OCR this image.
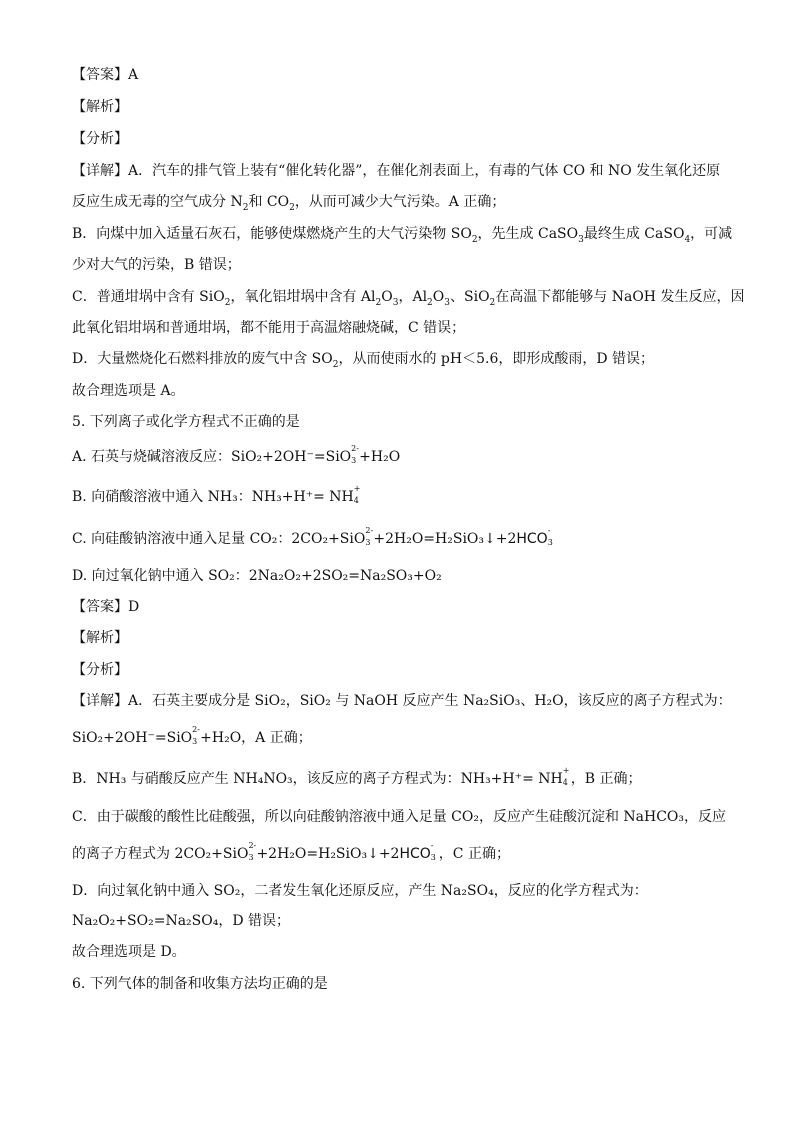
【答案】A
【解析】
【分析】
【详解】A．汽车的排气管上装有“催化转化器”，在催化剂表面上，有毒的气体 CO 和 NO 发生氧化还原
反应生成无毒的空气成分 $N_2$和 $CO_2$，从而可减少大气污染。A 正确；
B．向煤中加入适量石灰石，能够使煤燃烧产生的大气污染物 $SO_2$，先生成 CaSO$_3$最终生成 CaSO$_4$，可减
少对大气的污染，B 错误；
C．普通坩埚中含有 SiO$_2$，氧化铝坩埚中含有 $Al_2O_3$，$Al_2O_3$、SiO$_2$在高温下都能够与 NaOH 发生反应，因
此氧化铝坩埚和普通坩埚，都不能用于高温熔融烧碱，C 错误；
D．大量燃烧化石燃料排放的废气中含 $SO_2$，从而使雨水的 pH＜5.6，即形成酸雨，D 错误；
故合理选项是 A。
5. 下列离子或化学方程式不正确的是
A. 石英与烧碱溶液反应：SiO₂+2OH⁻=SiO
2-
3 +H₂O
B. 向硝酸溶液中通入 NH₃：NH₃+H⁺= NH
+
4
C. 向硅酸钠溶液中通入足量 CO₂：2CO₂+SiO
2-
3 +2H₂O=H₂SiO₃↓+2HCO
-
3
D. 向过氧化钠中通入 SO₂：2Na₂O₂+2SO₂=Na₂SO₃+O₂
【答案】D
【解析】
【分析】
【详解】A．石英主要成分是 SiO₂，SiO₂ 与 NaOH 反应产生 Na₂SiO₃、H₂O，该反应的离子方程式为：
SiO₂+2OH⁻=SiO
2-
3 +H₂O，A 正确；
B．NH₃ 与硝酸反应产生 NH₄NO₃，该反应的离子方程式为：NH₃+H⁺= NH
+
4 ，B 正确；
C．由于碳酸的酸性比硅酸强，所以向硅酸钠溶液中通入足量 CO₂，反应产生硅酸沉淀和 NaHCO₃，反应
的离子方程式为 2CO₂+SiO
2-
3 +2H₂O=H₂SiO₃↓+2HCO
-
3 ，C 正确；
D．向过氧化钠中通入 SO₂，二者发生氧化还原反应，产生 Na₂SO₄，反应的化学方程式为：
Na₂O₂+SO₂=Na₂SO₄，D 错误；
故合理选项是 D。
6. 下列气体的制备和收集方法均正确的是
